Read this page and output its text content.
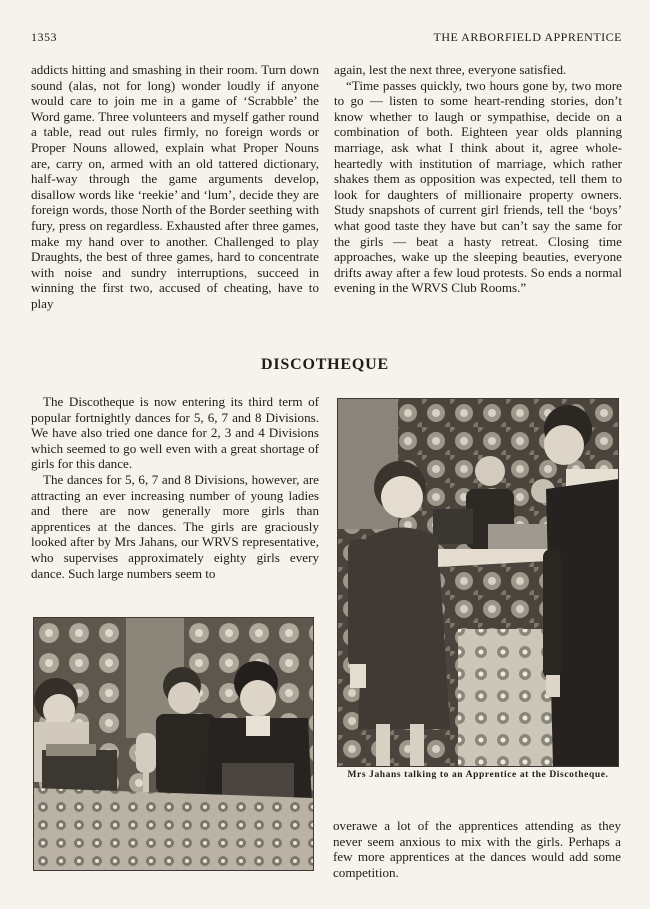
1353	THE ARBORFIELD APPRENTICE

addicts hitting and smashing in their room. Turn down sound (alas, not for long) wonder loudly if anyone would care to join me in a game of ‘Scrabble’ the Word game. Three volunteers and myself gather round a table, read out rules firmly, no foreign words or Proper Nouns allowed, explain what Proper Nouns are, carry on, armed with an old tattered dictionary, half-way through the game arguments develop, disallow words like ‘reekie’ and ‘lum’, decide they are foreign words, those North of the Border seething with fury, press on regardless. Exhausted after three games, make my hand over to another. Challenged to play Draughts, the best of three games, hard to concentrate with noise and sundry interruptions, succeed in winning the first two, accused of cheating, have to play

again, lest the next three, everyone satisfied.

“Time passes quickly, two hours gone by, two more to go — listen to some heart-rending stories, don’t know whether to laugh or sympathise, decide on a combination of both. Eighteen year olds planning marriage, ask what I think about it, agree whole-heartedly with institution of marriage, which rather shakes them as opposition was expected, tell them to look for daughters of millionaire property owners. Study snapshots of current girl friends, tell the ‘boys’ what good taste they have but can’t say the same for the girls — beat a hasty retreat. Closing time approaches, wake up the sleeping beauties, everyone drifts away after a few loud protests. So ends a normal evening in the WRVS Club Rooms.”

DISCOTHEQUE

The Discotheque is now entering its third term of popular fortnightly dances for 5, 6, 7 and 8 Divisions. We have also tried one dance for 2, 3 and 4 Divisions which seemed to go well even with a great shortage of girls for this dance.

The dances for 5, 6, 7 and 8 Divisions, however, are attracting an ever increasing number of young ladies and there are now generally more girls than apprentices at the dances. The girls are graciously looked after by Mrs Jahans, our WRVS representative, who supervises approximately eighty girls every dance. Such large numbers seem to

Mrs Jahans talking to an Apprentice at the Discotheque.

overawe a lot of the apprentices attending as they never seem anxious to mix with the girls. Perhaps a few more apprentices at the dances would add some competition.
